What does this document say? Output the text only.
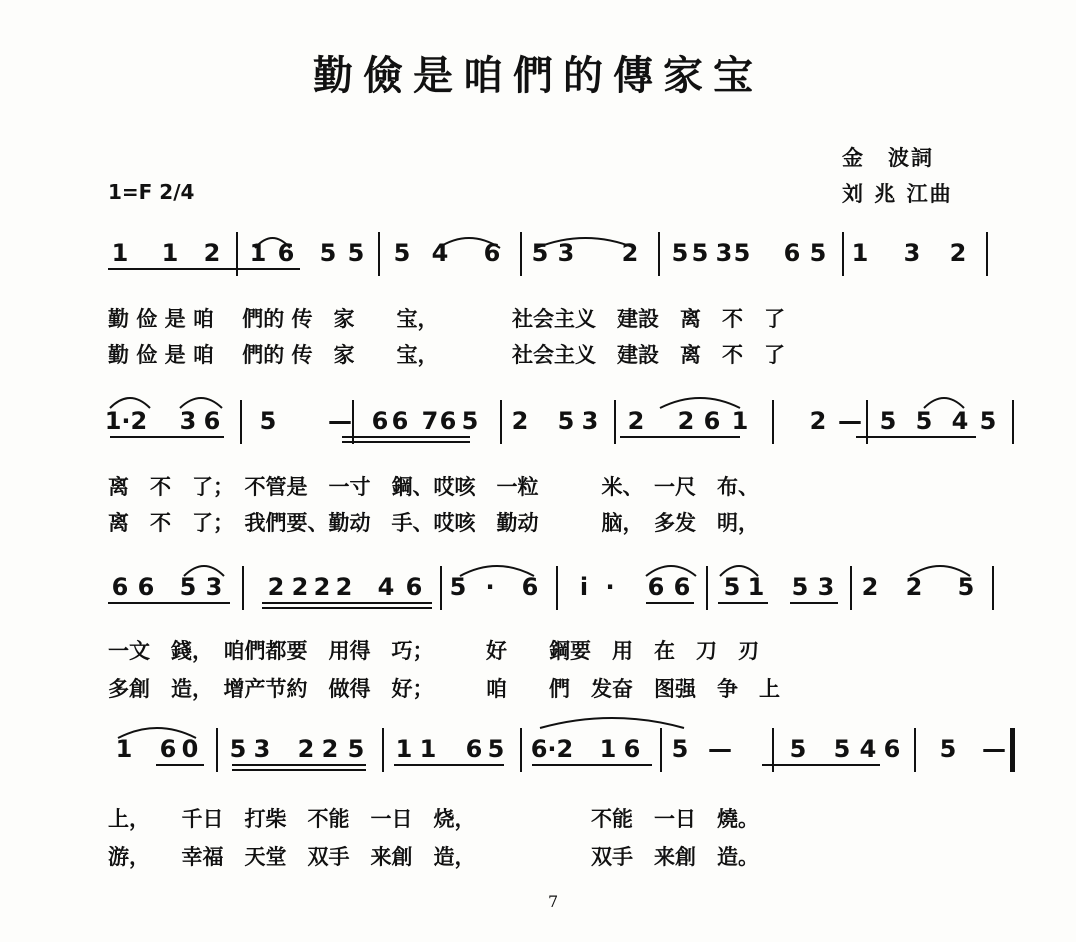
勤儉是咱們的傳家宝
金　波詞
刘 兆 江曲
1=F 2/4
1 1 2 1 6 5 5 5 4 6 5 3 2 5 5 3 5 6 5 1 3 2
勤 俭 是 咱　 們的 传　家　　宝，　　　　社会主义　建設　离　不　了
勤 俭 是 咱　 們的 传　家　　宝，　　　　社会主义　建設　离　不　了
1·2 3 6 5 — 6 6 7 6 5 2 5 3 2 2 6 1	2 — 5 5 4 5
离　不　了；　不管是　一寸　鋼、哎咳　一粒　　　米、　一尺　布、
离　不　了；　我們要、勤动　手、哎咳　勤动　　　脑，　多发　明，
6 6 5 3 2 2 2 2 4 6 5 · 6 i · 6 6 5 1 5 3 2 2 5
一文　錢，　咱們都要　用得　巧；　　　好　　鋼要　用　在　刀　刃
多創　造，　增产节約　做得　好；　　　咱　　們　发奋　图强　争　上
1 6 0 5 3 2 2 5 1 1 6 5 6·2 1 6 5 —	5 5 4 6 5 —
上，　　千日　打柴　不能　一日　烧，　　　　　　不能　一日　燒。
游，　　幸福　天堂　双手　来創　造，　　　　　　双手　来創　造。
7
